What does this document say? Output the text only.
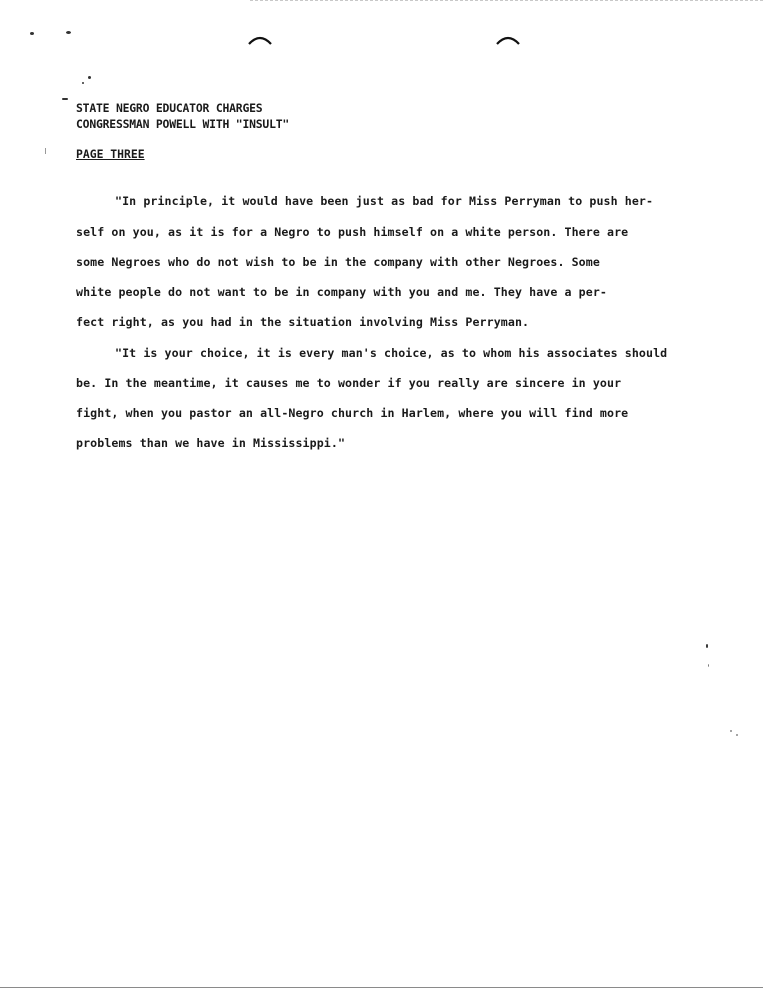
STATE NEGRO EDUCATOR CHARGES
CONGRESSMAN POWELL WITH "INSULT"
PAGE THREE
"In principle, it would have been just as bad for Miss Perryman to push her-
self on you, as it is for a Negro to push himself on a white person. There are
some Negroes who do not wish to be in the company with other Negroes. Some
white people do not want to be in company with you and me. They have a per-
fect right, as you had in the situation involving Miss Perryman.
"It is your choice, it is every man's choice, as to whom his associates should
be. In the meantime, it causes me to wonder if you really are sincere in your
fight, when you pastor an all-Negro church in Harlem, where you will find more
problems than we have in Mississippi."
